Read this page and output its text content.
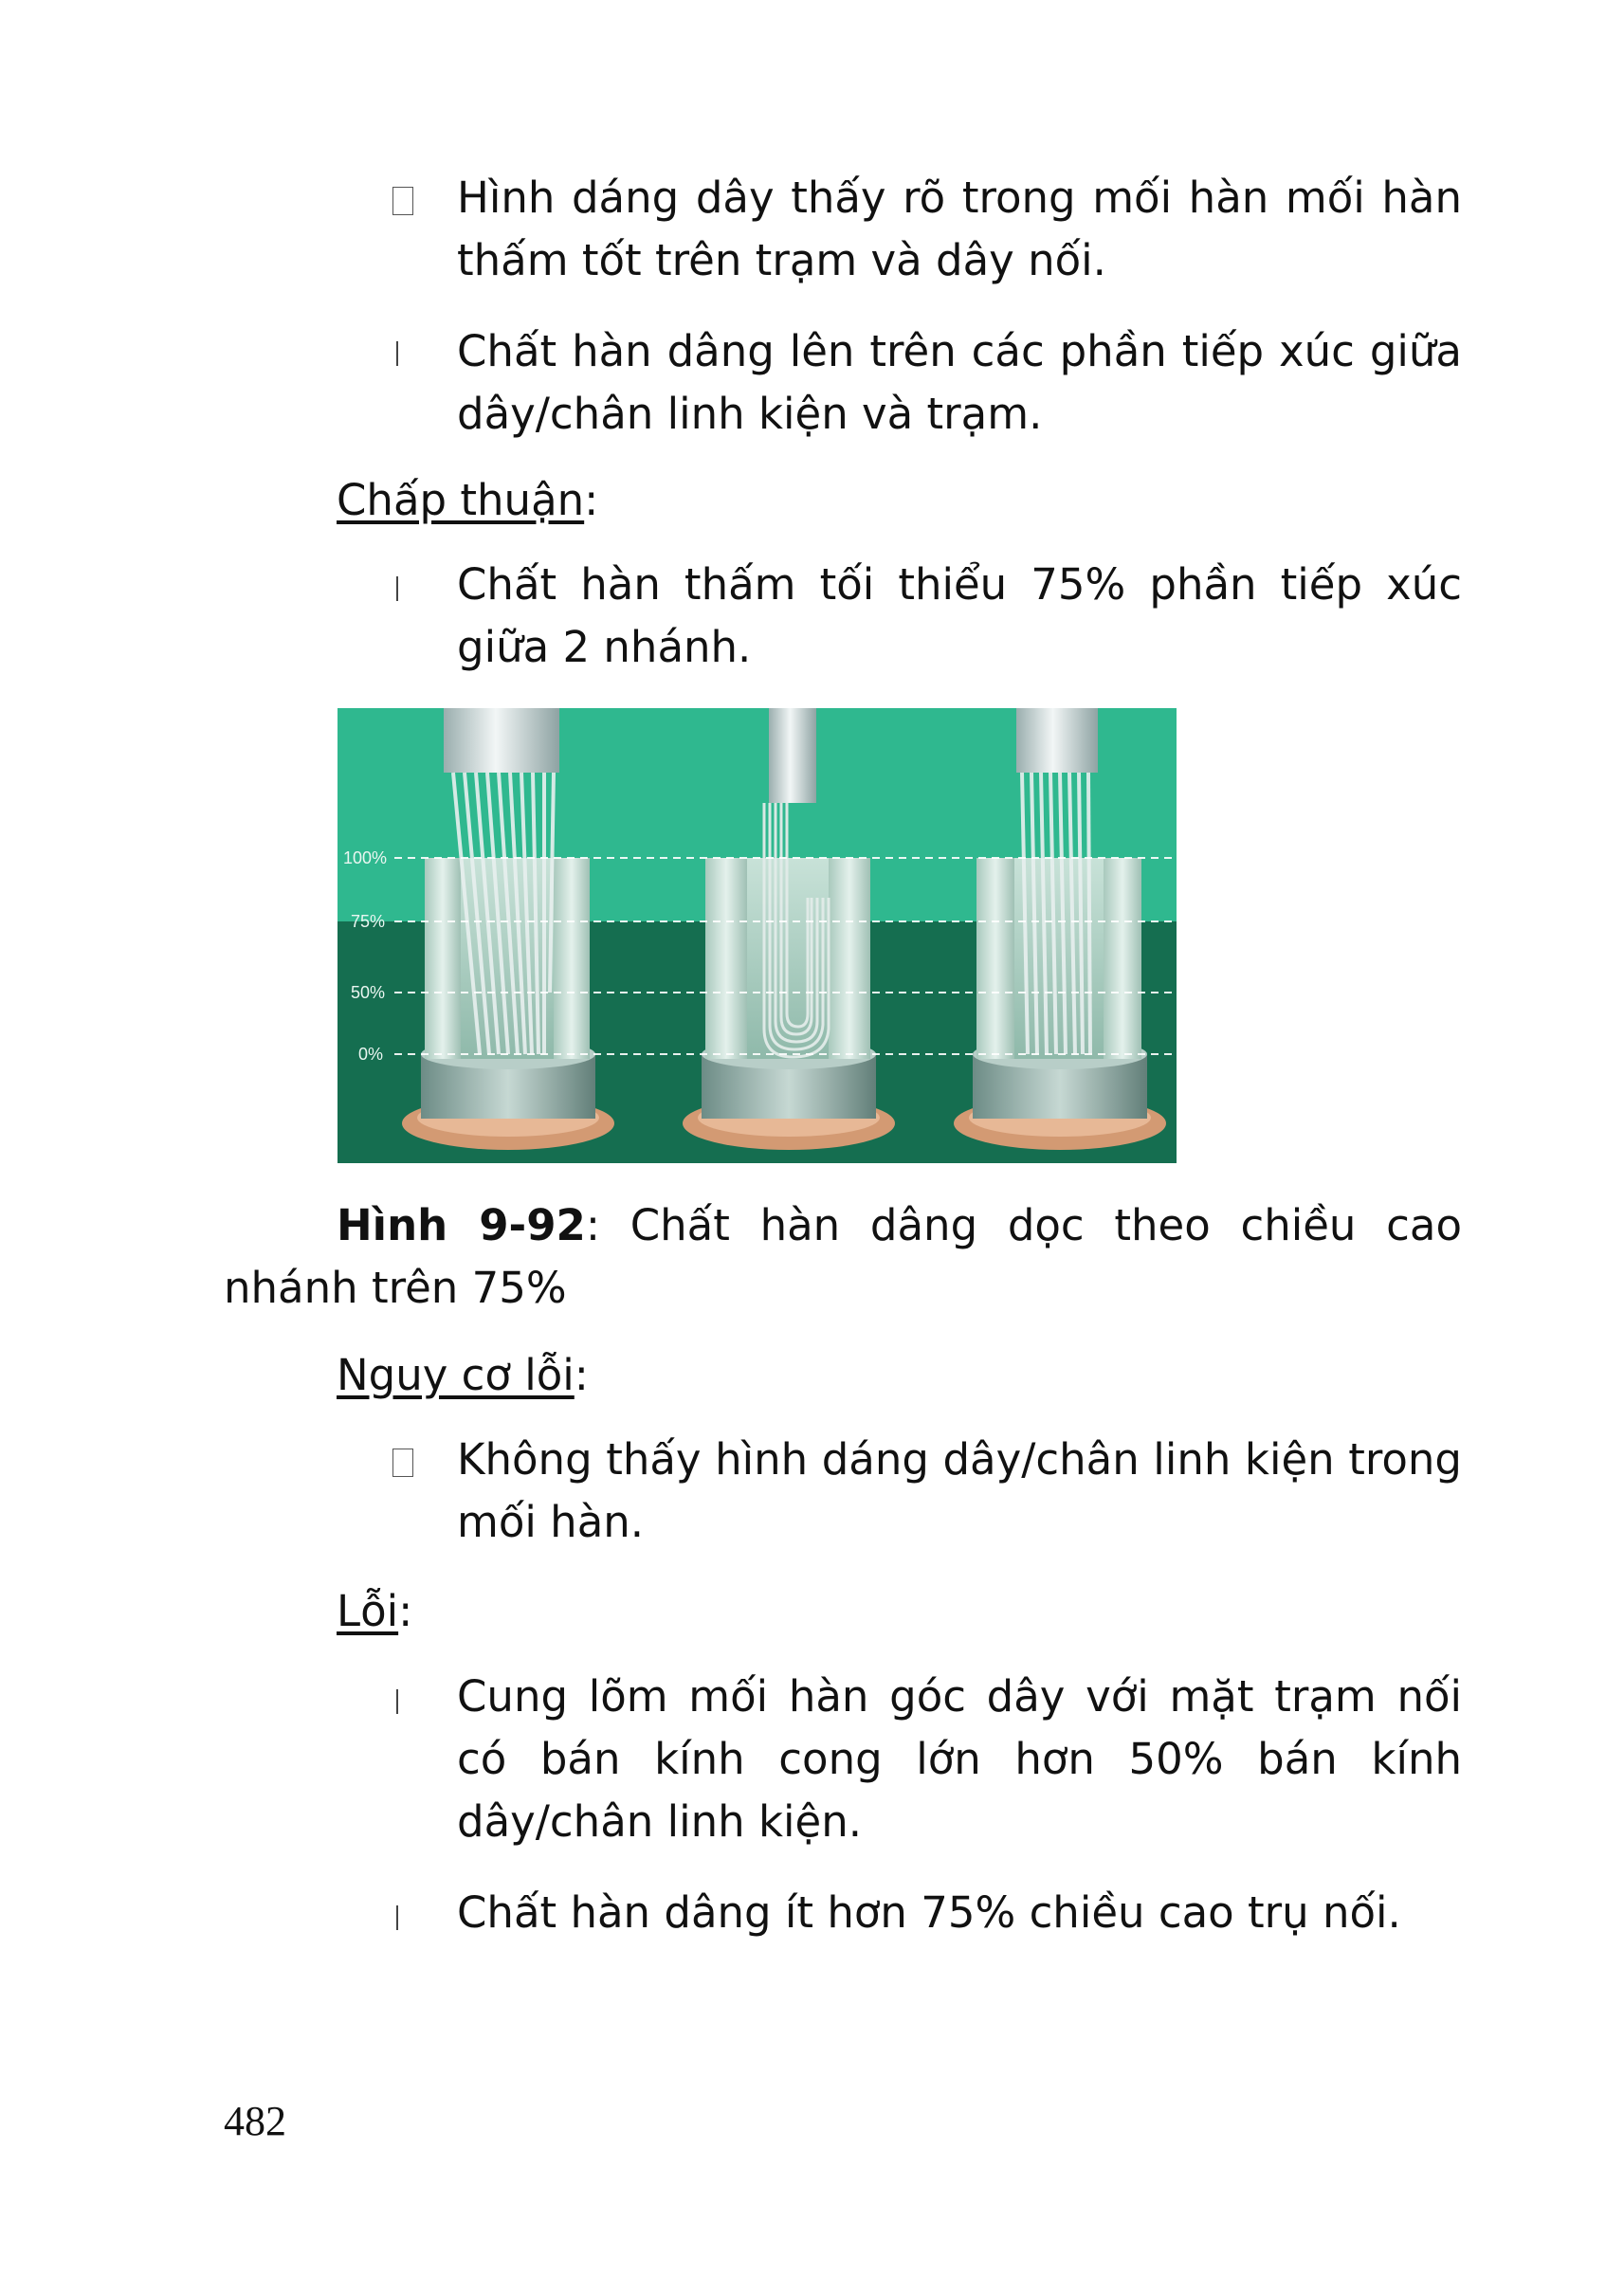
Hình dáng dây thấy rõ trong mối hàn mối hàn thấm tốt trên trạm và dây nối.
Chất hàn dâng lên trên các phần tiếp xúc giữa dây/chân linh kiện và trạm.
Chấp thuận:
Chất hàn thấm tối thiểu 75% phần tiếp xúc giữa 2 nhánh.
100%
75%
50%
0%
Hình 9-92: Chất hàn dâng dọc theo chiều cao nhánh trên 75%
Nguy cơ lỗi:
Không thấy hình dáng dây/chân linh kiện trong mối hàn.
Lỗi:
Cung lõm mối hàn góc dây với mặt trạm nối có bán kính cong lớn hơn 50% bán kính dây/chân linh kiện.
Chất hàn dâng ít hơn 75% chiều cao trụ nối.
482
